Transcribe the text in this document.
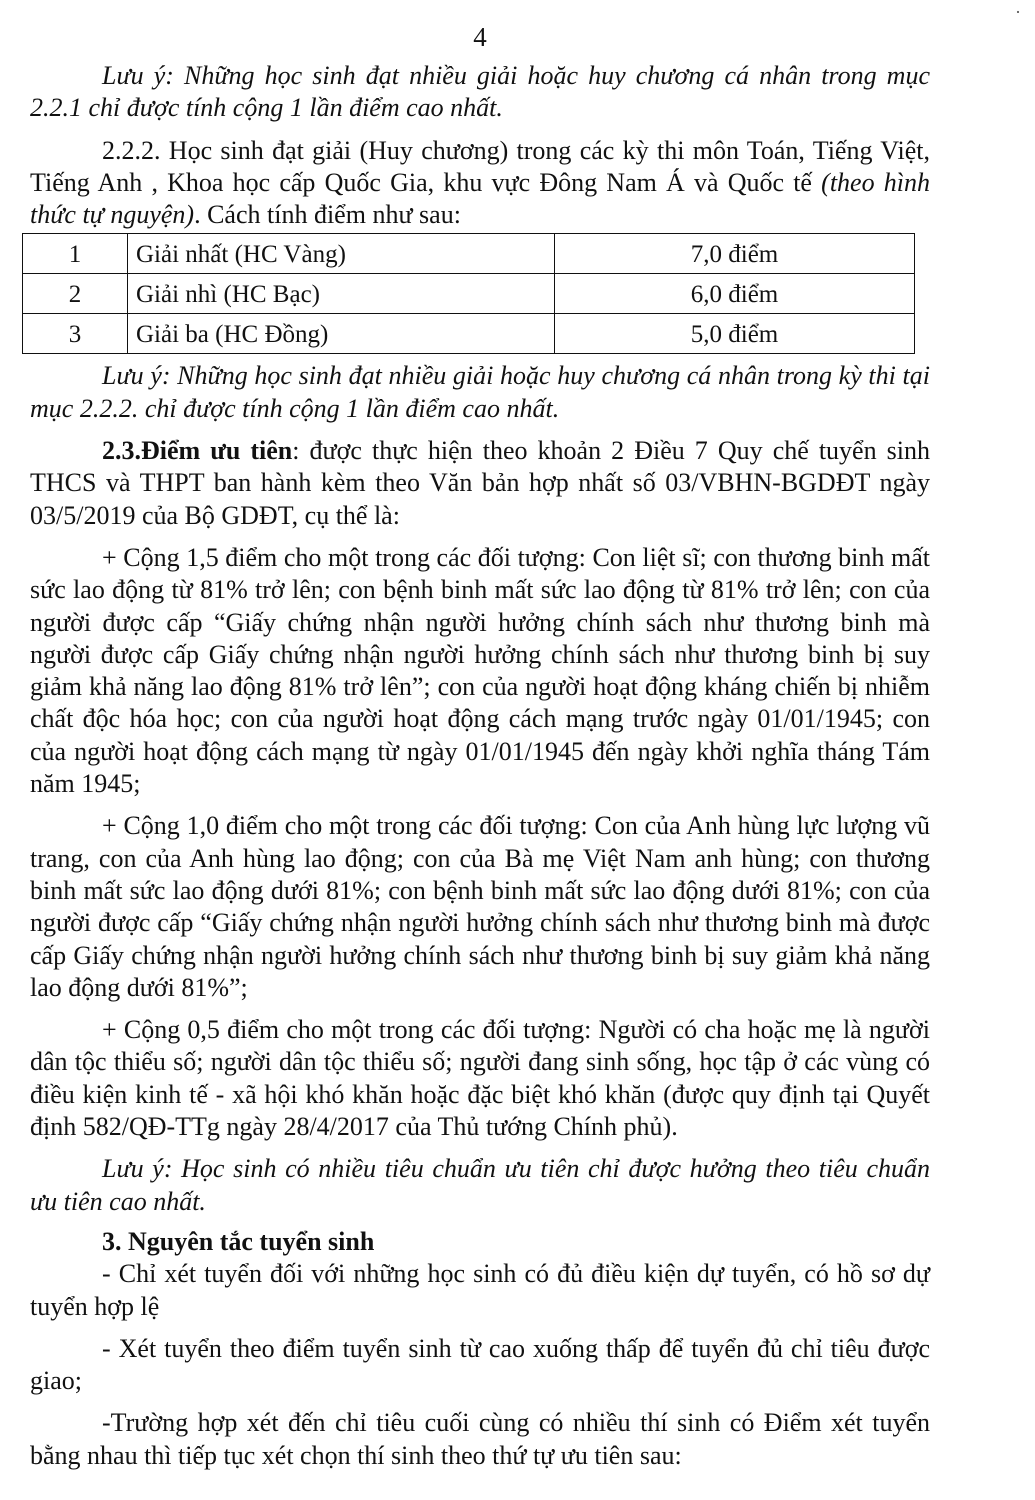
·
4

Lưu ý: Những học sinh đạt nhiều giải hoặc huy chương cá nhân trong mục 2.2.1 chỉ được tính cộng 1 lần điểm cao nhất.

2.2.2. Học sinh đạt giải (Huy chương) trong các kỳ thi môn Toán, Tiếng Việt, Tiếng Anh , Khoa học cấp Quốc Gia, khu vực Đông Nam Á và Quốc tế (theo hình thức tự nguyện). Cách tính điểm như sau:

1	Giải nhất (HC Vàng)	7,0 điểm
2	Giải nhì (HC Bạc)	6,0 điểm
3	Giải ba (HC Đồng)	5,0 điểm

Lưu ý: Những học sinh đạt nhiều giải hoặc huy chương cá nhân trong kỳ thi tại mục 2.2.2. chỉ được tính cộng 1 lần điểm cao nhất.

2.3.Điểm ưu tiên: được thực hiện theo khoản 2 Điều 7 Quy chế tuyển sinh THCS và THPT ban hành kèm theo Văn bản hợp nhất số 03/VBHN-BGDĐT ngày 03/5/2019 của Bộ GDĐT, cụ thể là:

+ Cộng 1,5 điểm cho một trong các đối tượng: Con liệt sĩ; con thương binh mất sức lao động từ 81% trở lên; con bệnh binh mất sức lao động từ 81% trở lên; con của người được cấp “Giấy chứng nhận người hưởng chính sách như thương binh mà người được cấp Giấy chứng nhận người hưởng chính sách như thương binh bị suy giảm khả năng lao động 81% trở lên”; con của người hoạt động kháng chiến bị nhiễm chất độc hóa học; con của người hoạt động cách mạng trước ngày 01/01/1945; con của người hoạt động cách mạng từ ngày 01/01/1945 đến ngày khởi nghĩa tháng Tám năm 1945;

+ Cộng 1,0 điểm cho một trong các đối tượng: Con của Anh hùng lực lượng vũ trang, con của Anh hùng lao động; con của Bà mẹ Việt Nam anh hùng; con thương binh mất sức lao động dưới 81%; con bệnh binh mất sức lao động dưới 81%; con của người được cấp “Giấy chứng nhận người hưởng chính sách như thương binh mà được cấp Giấy chứng nhận người hưởng chính sách như thương binh bị suy giảm khả năng lao động dưới 81%”;

+ Cộng 0,5 điểm cho một trong các đối tượng: Người có cha hoặc mẹ là người dân tộc thiểu số; người dân tộc thiểu số; người đang sinh sống, học tập ở các vùng có điều kiện kinh tế - xã hội khó khăn hoặc đặc biệt khó khăn (được quy định tại Quyết định 582/QĐ-TTg ngày 28/4/2017 của Thủ tướng Chính phủ).

Lưu ý: Học sinh có nhiều tiêu chuẩn ưu tiên chỉ được hưởng theo tiêu chuẩn ưu tiên cao nhất.

3. Nguyên tắc tuyển sinh

- Chỉ xét tuyển đối với những học sinh có đủ điều kiện dự tuyển, có hồ sơ dự tuyển hợp lệ

- Xét tuyển theo điểm tuyển sinh từ cao xuống thấp để tuyển đủ chỉ tiêu được giao;

-Trường hợp xét đến chỉ tiêu cuối cùng có nhiều thí sinh có Điểm xét tuyển bằng nhau thì tiếp tục xét chọn thí sinh theo thứ tự ưu tiên sau:
